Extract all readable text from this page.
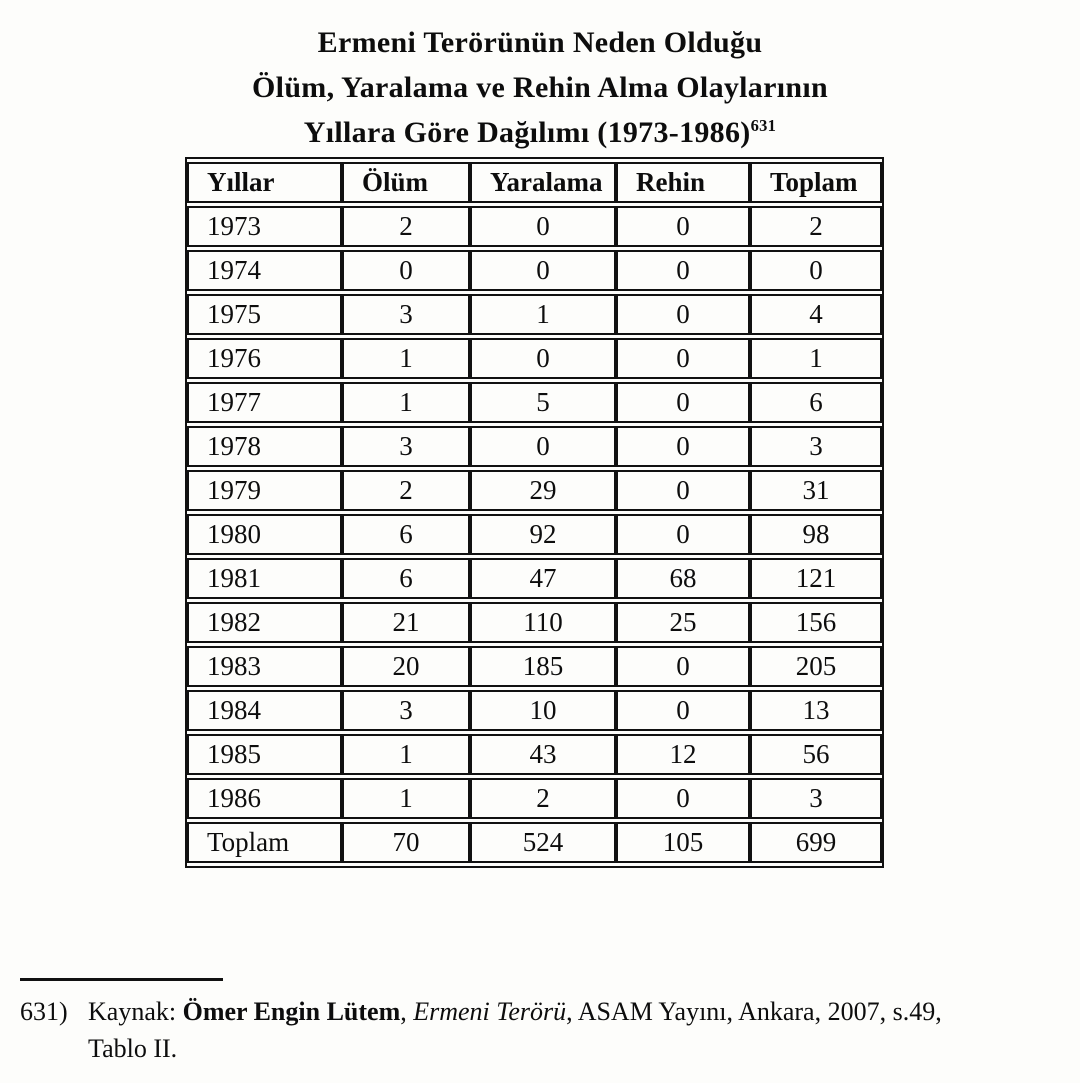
Ermeni Terörünün Neden Olduğu
Ölüm, Yaralama ve Rehin Alma Olaylarının
Yıllara Göre Dağılımı (1973-1986)$^{631}$
Yıllar	Ölüm	Yaralama	Rehin	Toplam
1973	2	0	0	2
1974	0	0	0	0
1975	3	1	0	4
1976	1	0	0	1
1977	1	5	0	6
1978	3	0	0	3
1979	2	29	0	31
1980	6	92	0	98
1981	6	47	68	121
1982	21	110	25	156
1983	20	185	0	205
1984	3	10	0	13
1985	1	43	12	56
1986	1	2	0	3
Toplam	70	524	105	699
631) Kaynak: Ömer Engin Lütem, Ermeni Terörü, ASAM Yayını, Ankara, 2007, s.49,
Tablo II.
